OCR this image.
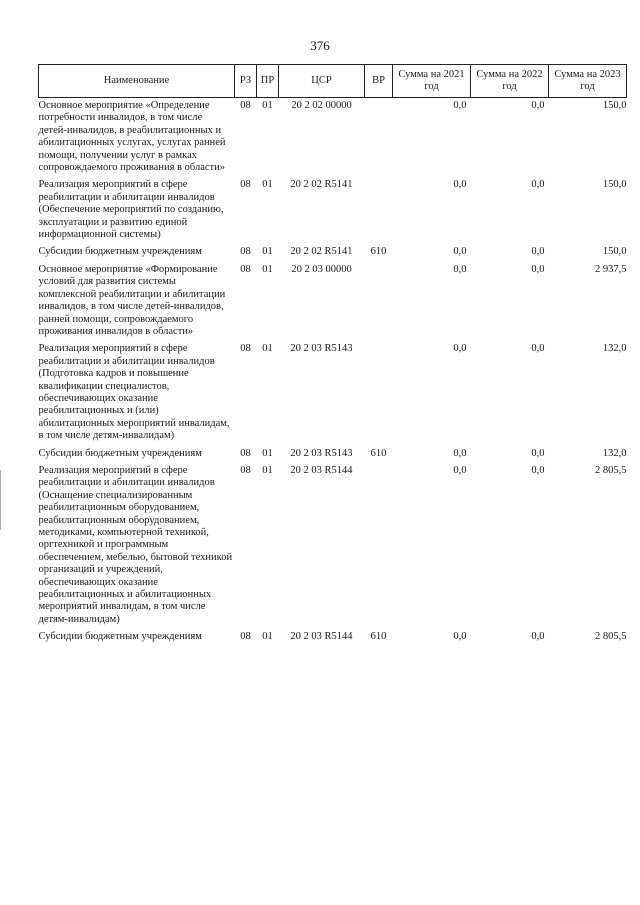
376
Наименование	РЗ	ПР	ЦСР	ВР	Сумма на 2021 год	Сумма на 2022 год	Сумма на 2023 год
Основное мероприятие «Определение потребности инвалидов, в том числе детей-инвалидов, в реабилитационных и абилитационных услугах, услугах ранней помощи, получении услуг в рамках сопровождаемого проживания в области»	08	01	20 2 02 00000		0,0	0,0	150,0
Реализация мероприятий в сфере реабилитации и абилитации инвалидов (Обеспечение мероприятий по созданию, эксплуатации и развитию единой информационной системы)	08	01	20 2 02 R5141		0,0	0,0	150,0
Субсидии бюджетным учреждениям	08	01	20 2 02 R5141	610	0,0	0,0	150,0
Основное мероприятие «Формирование условий для развития системы комплексной реабилитации и абилитации инвалидов, в том числе детей-инвалидов, ранней помощи, сопровождаемого проживания инвалидов в области»	08	01	20 2 03 00000		0,0	0,0	2 937,5
Реализация мероприятий в сфере реабилитации и абилитации инвалидов (Подготовка кадров и повышение квалификации специалистов, обеспечивающих оказание реабилитационных и (или) абилитационных мероприятий инвалидам, в том числе детям-инвалидам)	08	01	20 2 03 R5143		0,0	0,0	132,0
Субсидии бюджетным учреждениям	08	01	20 2 03 R5143	610	0,0	0,0	132,0
Реализация мероприятий в сфере реабилитации и абилитации инвалидов (Оснащение специализированным реабилитационным оборудованием, реабилитационным оборудованием, методиками, компьютерной техникой, оргтехникой и программным обеспечением, мебелью, бытовой техникой организаций и учреждений, обеспечивающих оказание реабилитационных и абилитационных мероприятий инвалидам, в том числе детям-инвалидам)	08	01	20 2 03 R5144		0,0	0,0	2 805,5
Субсидии бюджетным учреждениям	08	01	20 2 03 R5144	610	0,0	0,0	2 805,5
